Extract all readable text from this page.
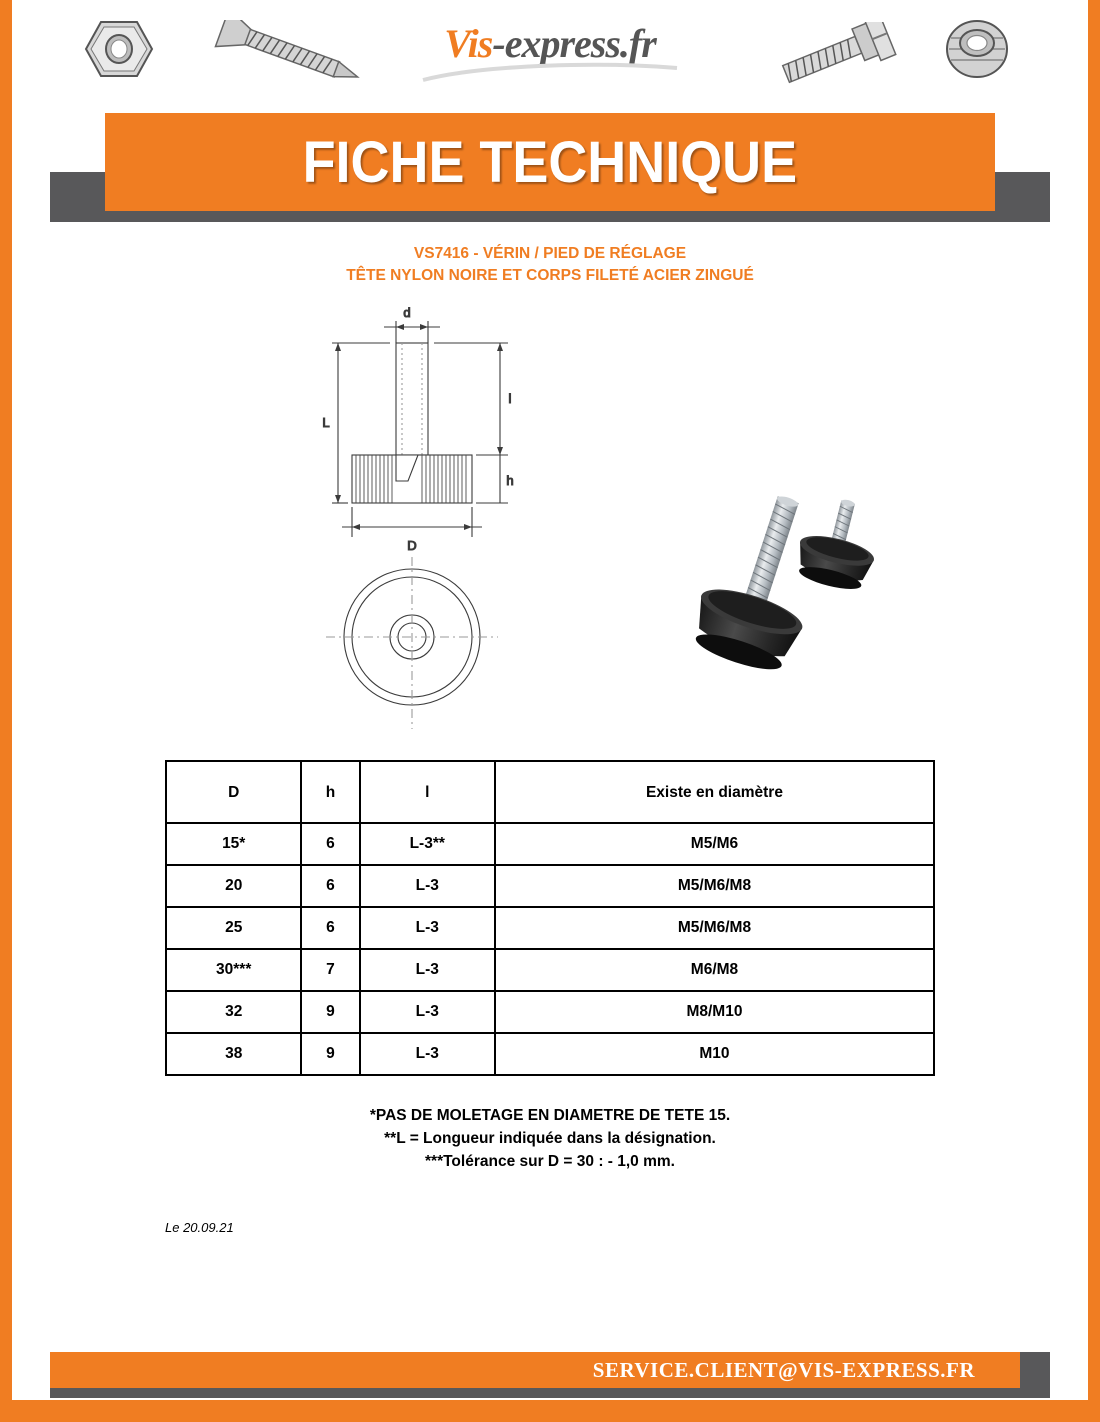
Vis-express.fr
FICHE TECHNIQUE
VS7416 - VÉRIN / PIED DE RÉGLAGE
TÊTE NYLON NOIRE ET CORPS FILETÉ ACIER ZINGUÉ
d
L
l
h
D
D	h	l	Existe en diamètre
15*	6	L-3**	M5/M6
20	6	L-3	M5/M6/M8
25	6	L-3	M5/M6/M8
30***	7	L-3	M6/M8
32	9	L-3	M8/M10
38	9	L-3	M10
*PAS DE MOLETAGE EN DIAMETRE DE TETE 15.
**L = Longueur indiquée dans la désignation.
***Tolérance sur D = 30 : - 1,0 mm.
Le 20.09.21
SERVICE.CLIENT@VIS-EXPRESS.FR
